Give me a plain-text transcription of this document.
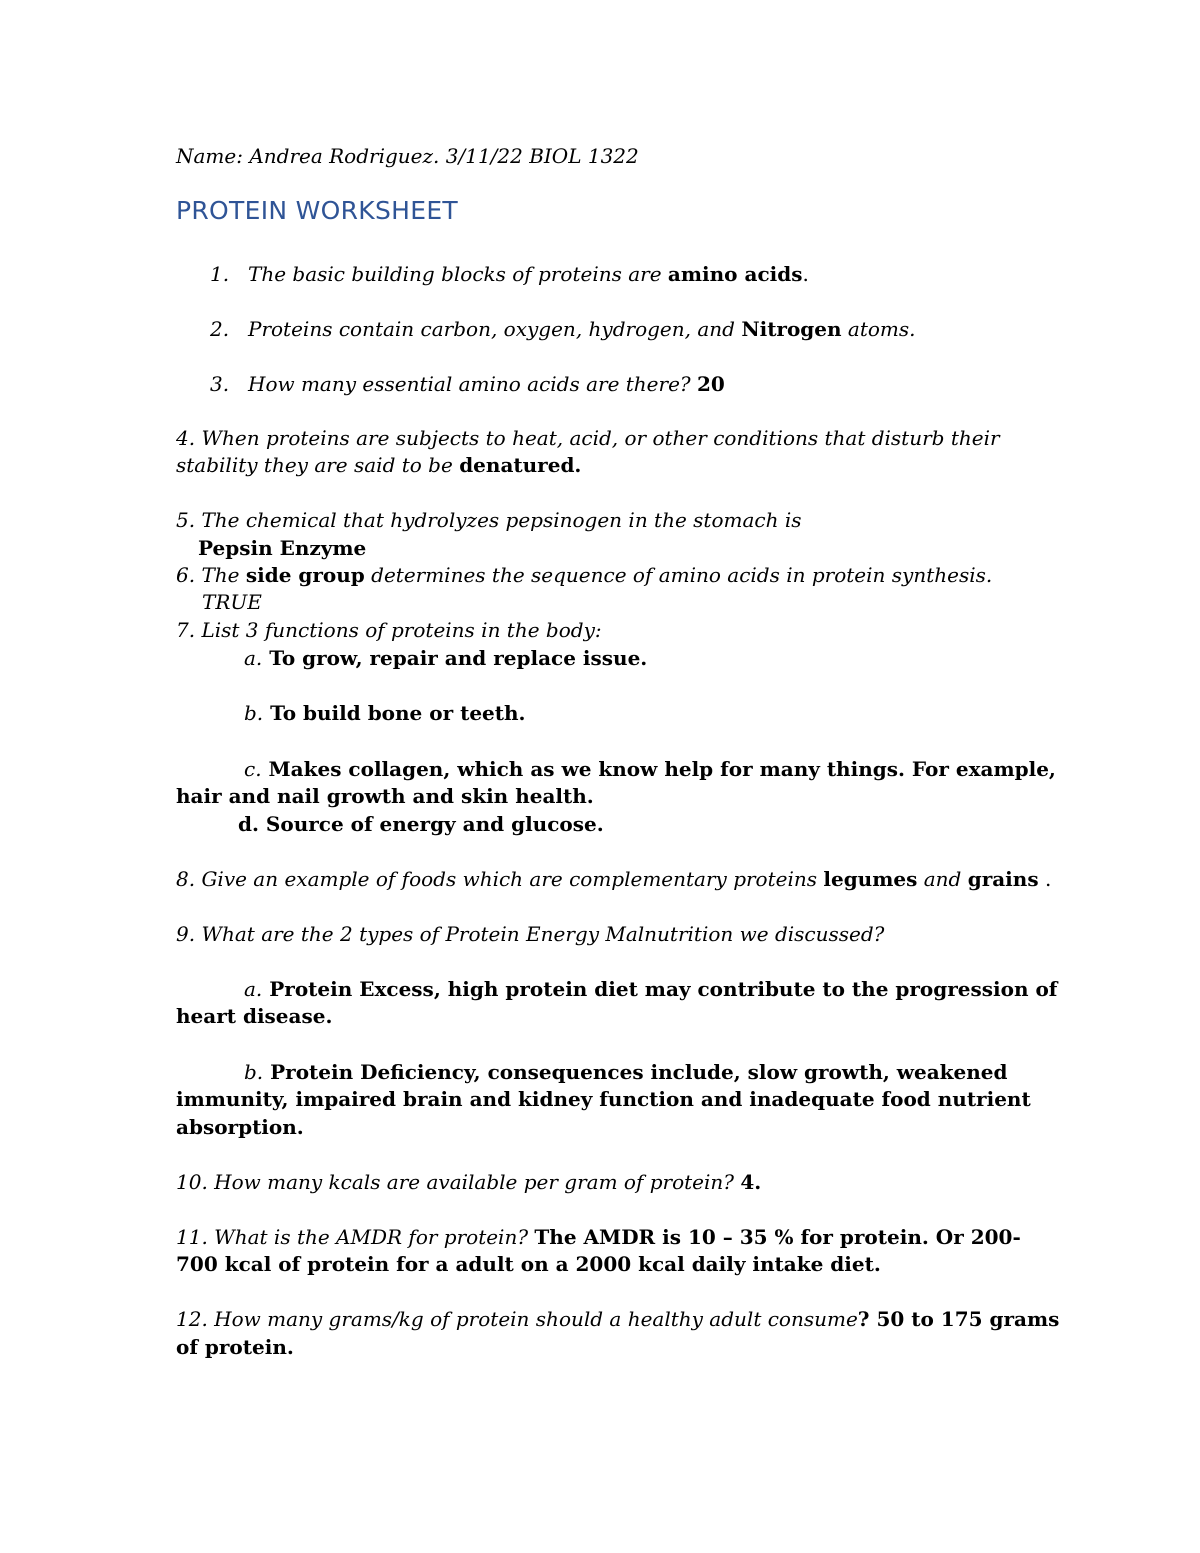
Name: Andrea Rodriguez. 3/11/22 BIOL 1322
PROTEIN WORKSHEET
1. The basic building blocks of proteins are amino acids.
2. Proteins contain carbon, oxygen, hydrogen, and Nitrogen atoms.
3. How many essential amino acids are there? 20
4. When proteins are subjects to heat, acid, or other conditions that disturb their
stability they are said to be denatured.
5. The chemical that hydrolyzes pepsinogen in the stomach is
Pepsin Enzyme
6. The side group determines the sequence of amino acids in protein synthesis.
TRUE
7. List 3 functions of proteins in the body:
a. To grow, repair and replace issue.
b. To build bone or teeth.
c. Makes collagen, which as we know help for many things. For example,
hair and nail growth and skin health.
d. Source of energy and glucose.
8. Give an example of foods which are complementary proteins legumes and grains .
9. What are the 2 types of Protein Energy Malnutrition we discussed?
a. Protein Excess, high protein diet may contribute to the progression of
heart disease.
b. Protein Deficiency, consequences include, slow growth, weakened
immunity, impaired brain and kidney function and inadequate food nutrient
absorption.
10. How many kcals are available per gram of protein? 4.
11. What is the AMDR for protein? The AMDR is 10 – 35 % for protein. Or 200-
700 kcal of protein for a adult on a 2000 kcal daily intake diet.
12. How many grams/kg of protein should a healthy adult consume? 50 to 175 grams
of protein.
